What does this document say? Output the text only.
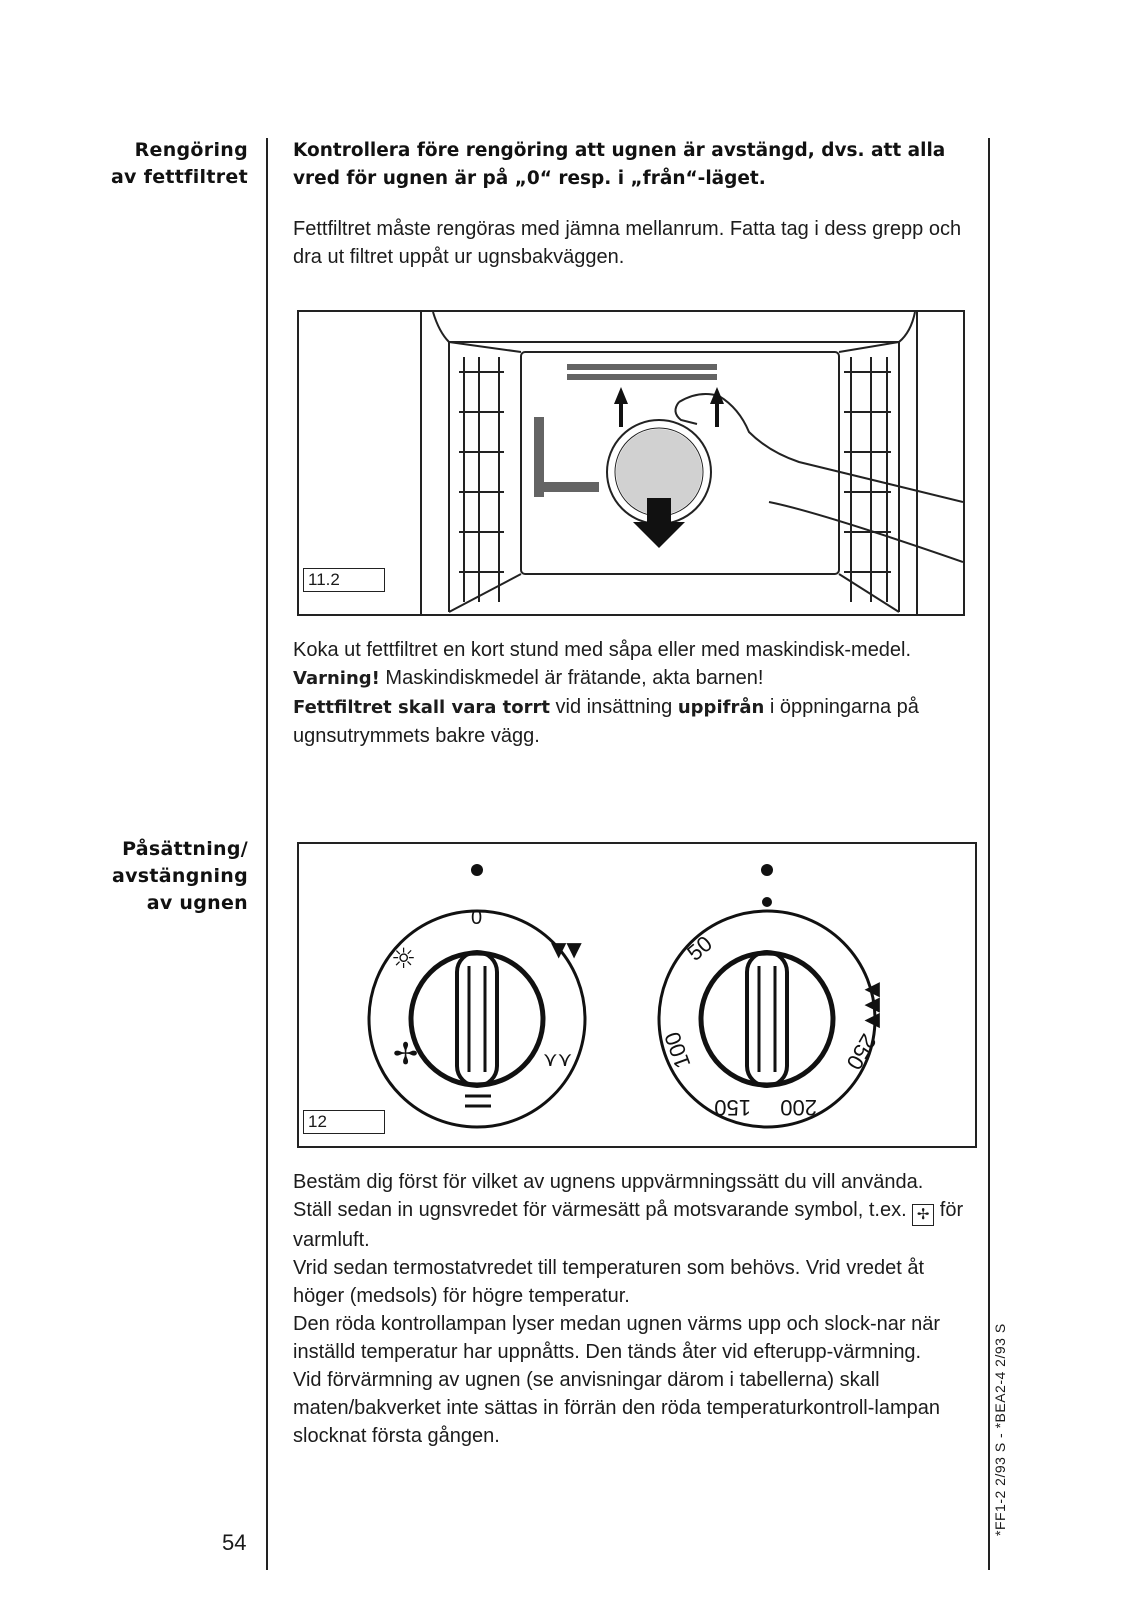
Rengöring
av fettfiltret

Kontrollera före rengöring att ugnen är avstängd, dvs. att alla vred för ugnen är på „0“ resp. i „från“-läget.

Fettfiltret måste rengöras med jämna mellanrum. Fatta tag i dess grepp och dra ut filtret uppåt ur ugnsbakväggen.

11.2

Koka ut fettfiltret en kort stund med såpa eller med maskindisk-medel.

Varning! Maskindiskmedel är frätande, akta barnen!

Fettfiltret skall vara torrt vid insättning uppifrån i öppningarna på ugnsutrymmets bakre vägg.

Påsättning/
avstängning
av ugnen
0
☼	▼▼
✢	⋎⋎
50
100
150 200
250
▼▼▼
12

Bestäm dig först för vilket av ugnens uppvärmningssätt du vill använda.

Ställ sedan in ugnsvredet för värmesätt på motsvarande symbol, t.ex. ✢ för varmluft.

Vrid sedan termostatvredet till temperaturen som behövs. Vrid vredet åt höger (medsols) för högre temperatur.

Den röda kontrollampan lyser medan ugnen värms upp och slock-nar när inställd temperatur har uppnåtts. Den tänds åter vid efterupp-värmning.

Vid förvärmning av ugnen (se anvisningar därom i tabellerna) skall maten/bakverket inte sättas in förrän den röda temperaturkontroll-lampan slocknat första gången.

54
*FF1-2 2/93 S - *BEA2-4 2/93 S
